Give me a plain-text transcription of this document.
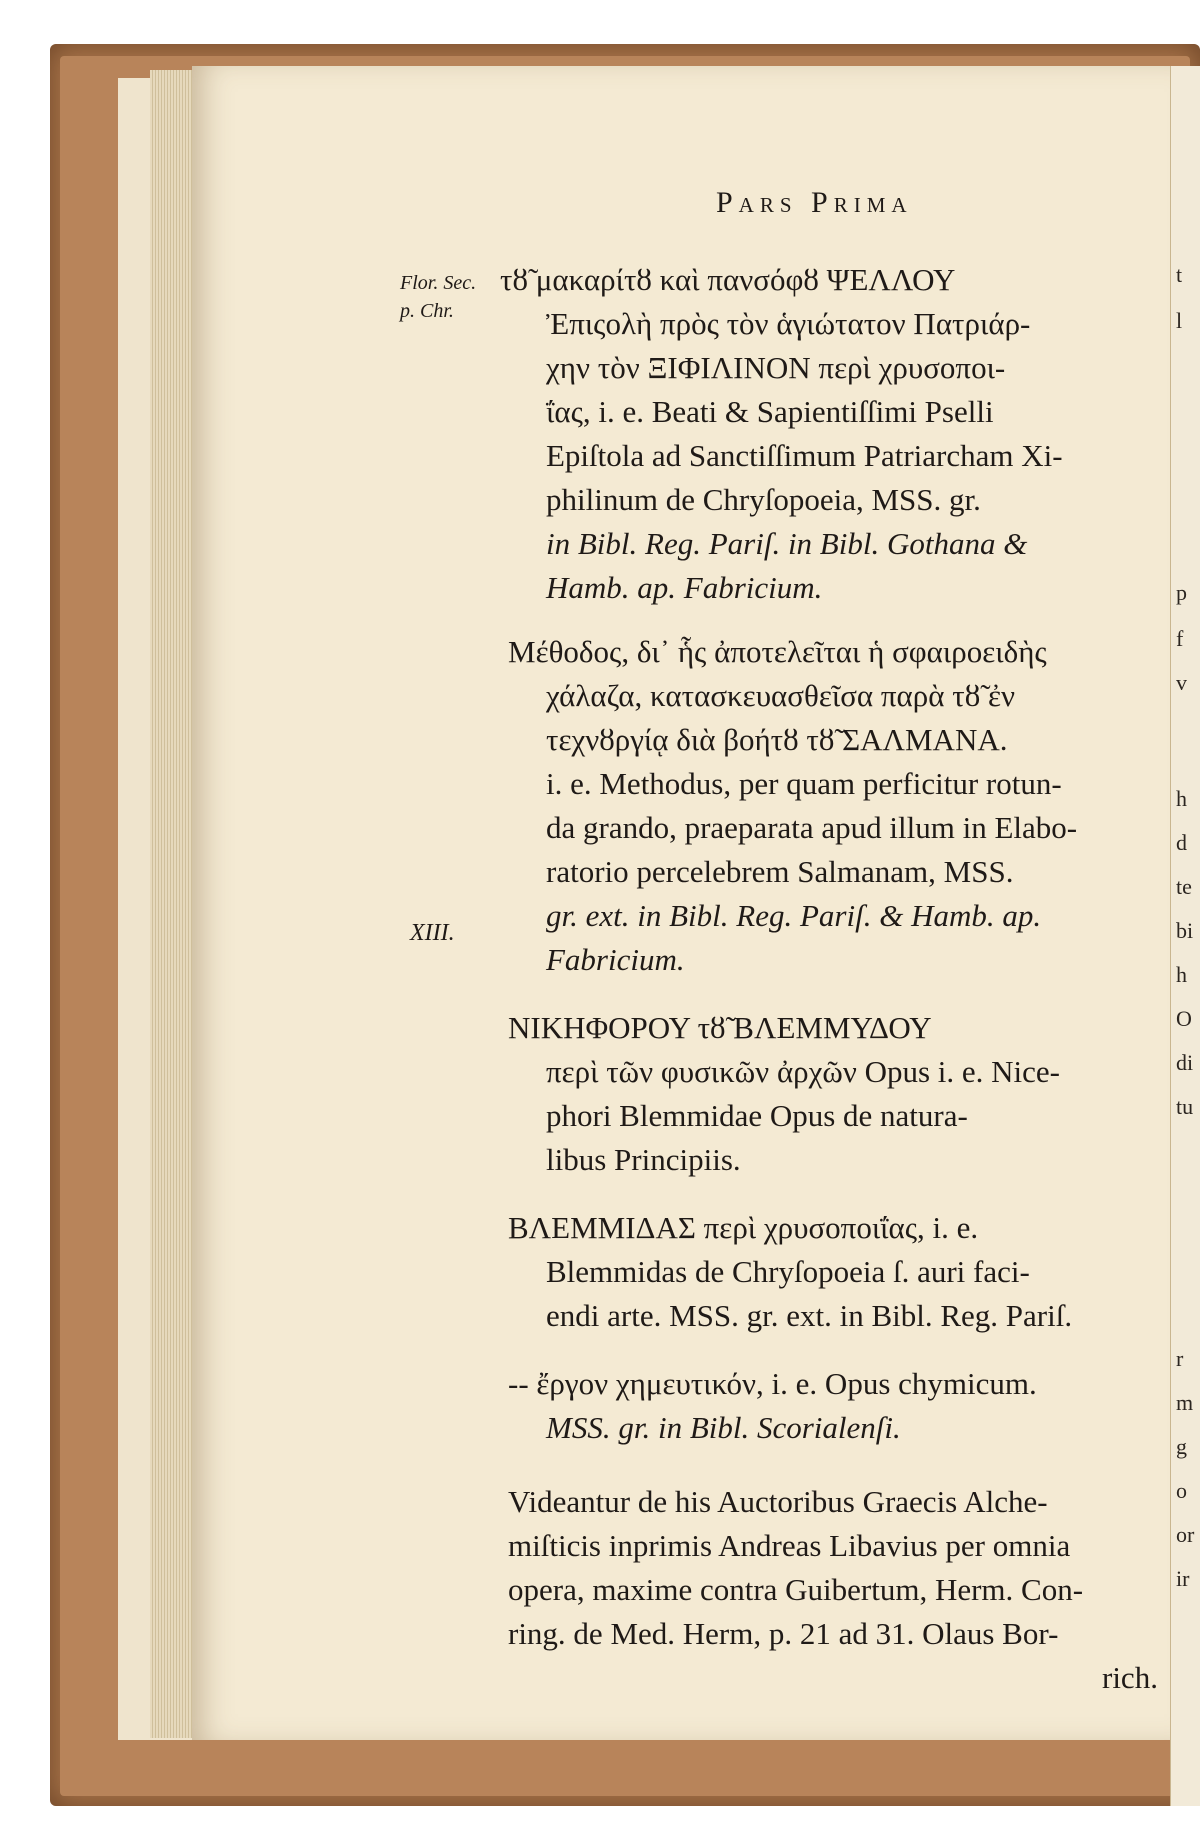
Pars Prima
Flor. Sec.
p. Chr.
XIII.
τȣ̃ μακαρίτȣ καὶ πανσόφȣ ΨΕΛΛΟΥ
Ἐπιςολὴ πρὸς τὸν ἁγιώτατον Πατριάρ-
χην τὸν ΞΙΦΙΛΙΝΟΝ περὶ χρυσοποι-
ΐας, i. e. Beati & Sapientiſſimi Pselli
Epiſtola ad Sanctiſſimum Patriarcham Xi-
philinum de Chryſopoeia, MSS. gr.
in Bibl. Reg. Pariſ. in Bibl. Gothana &
Hamb. ap. Fabricium.
Μέθοδος, δι᾽ ἧς ἀποτελεῖται ἡ σφαιροειδὴς
χάλαζα, κατασκευασθεῖσα παρὰ τȣ̃ ἐν
τεχνȣργίᾳ διὰ βοήτȣ τȣ̃ ΣΑΛΜΑΝΑ.
i. e. Methodus, per quam perficitur rotun-
da grando, praeparata apud illum in Elabo-
ratorio percelebrem Salmanam, MSS.
gr. ext. in Bibl. Reg. Pariſ. & Hamb. ap.
Fabricium.
ΝΙΚΗΦΟΡΟΥ τȣ̃ ΒΛΕΜΜΥΔΟΥ
περὶ τῶν φυσικῶν ἀρχῶν Opus i. e. Nice-
phori Blemmidae Opus de natura-
libus Principiis.
ΒΛΕΜΜΙΔΑΣ περὶ χρυσοποιΐας, i. e.
Blemmidas de Chryſopoeia ſ. auri faci-
endi arte. MSS. gr. ext. in Bibl. Reg. Pariſ.
-- ἔργον χημευτικόν, i. e. Opus chymicum.
MSS. gr. in Bibl. Scorialenſi.
Videantur de his Auctoribus Graecis Alche-
miſticis inprimis Andreas Libavius per omnia
opera, maxime contra Guibertum, Herm. Con-
ring. de Med. Herm, p. 21 ad 31. Olaus Bor-
rich.
t
l
p
f
v
h
d
te
bi
h
O
di
tu
r
m
g
o
or
ir
